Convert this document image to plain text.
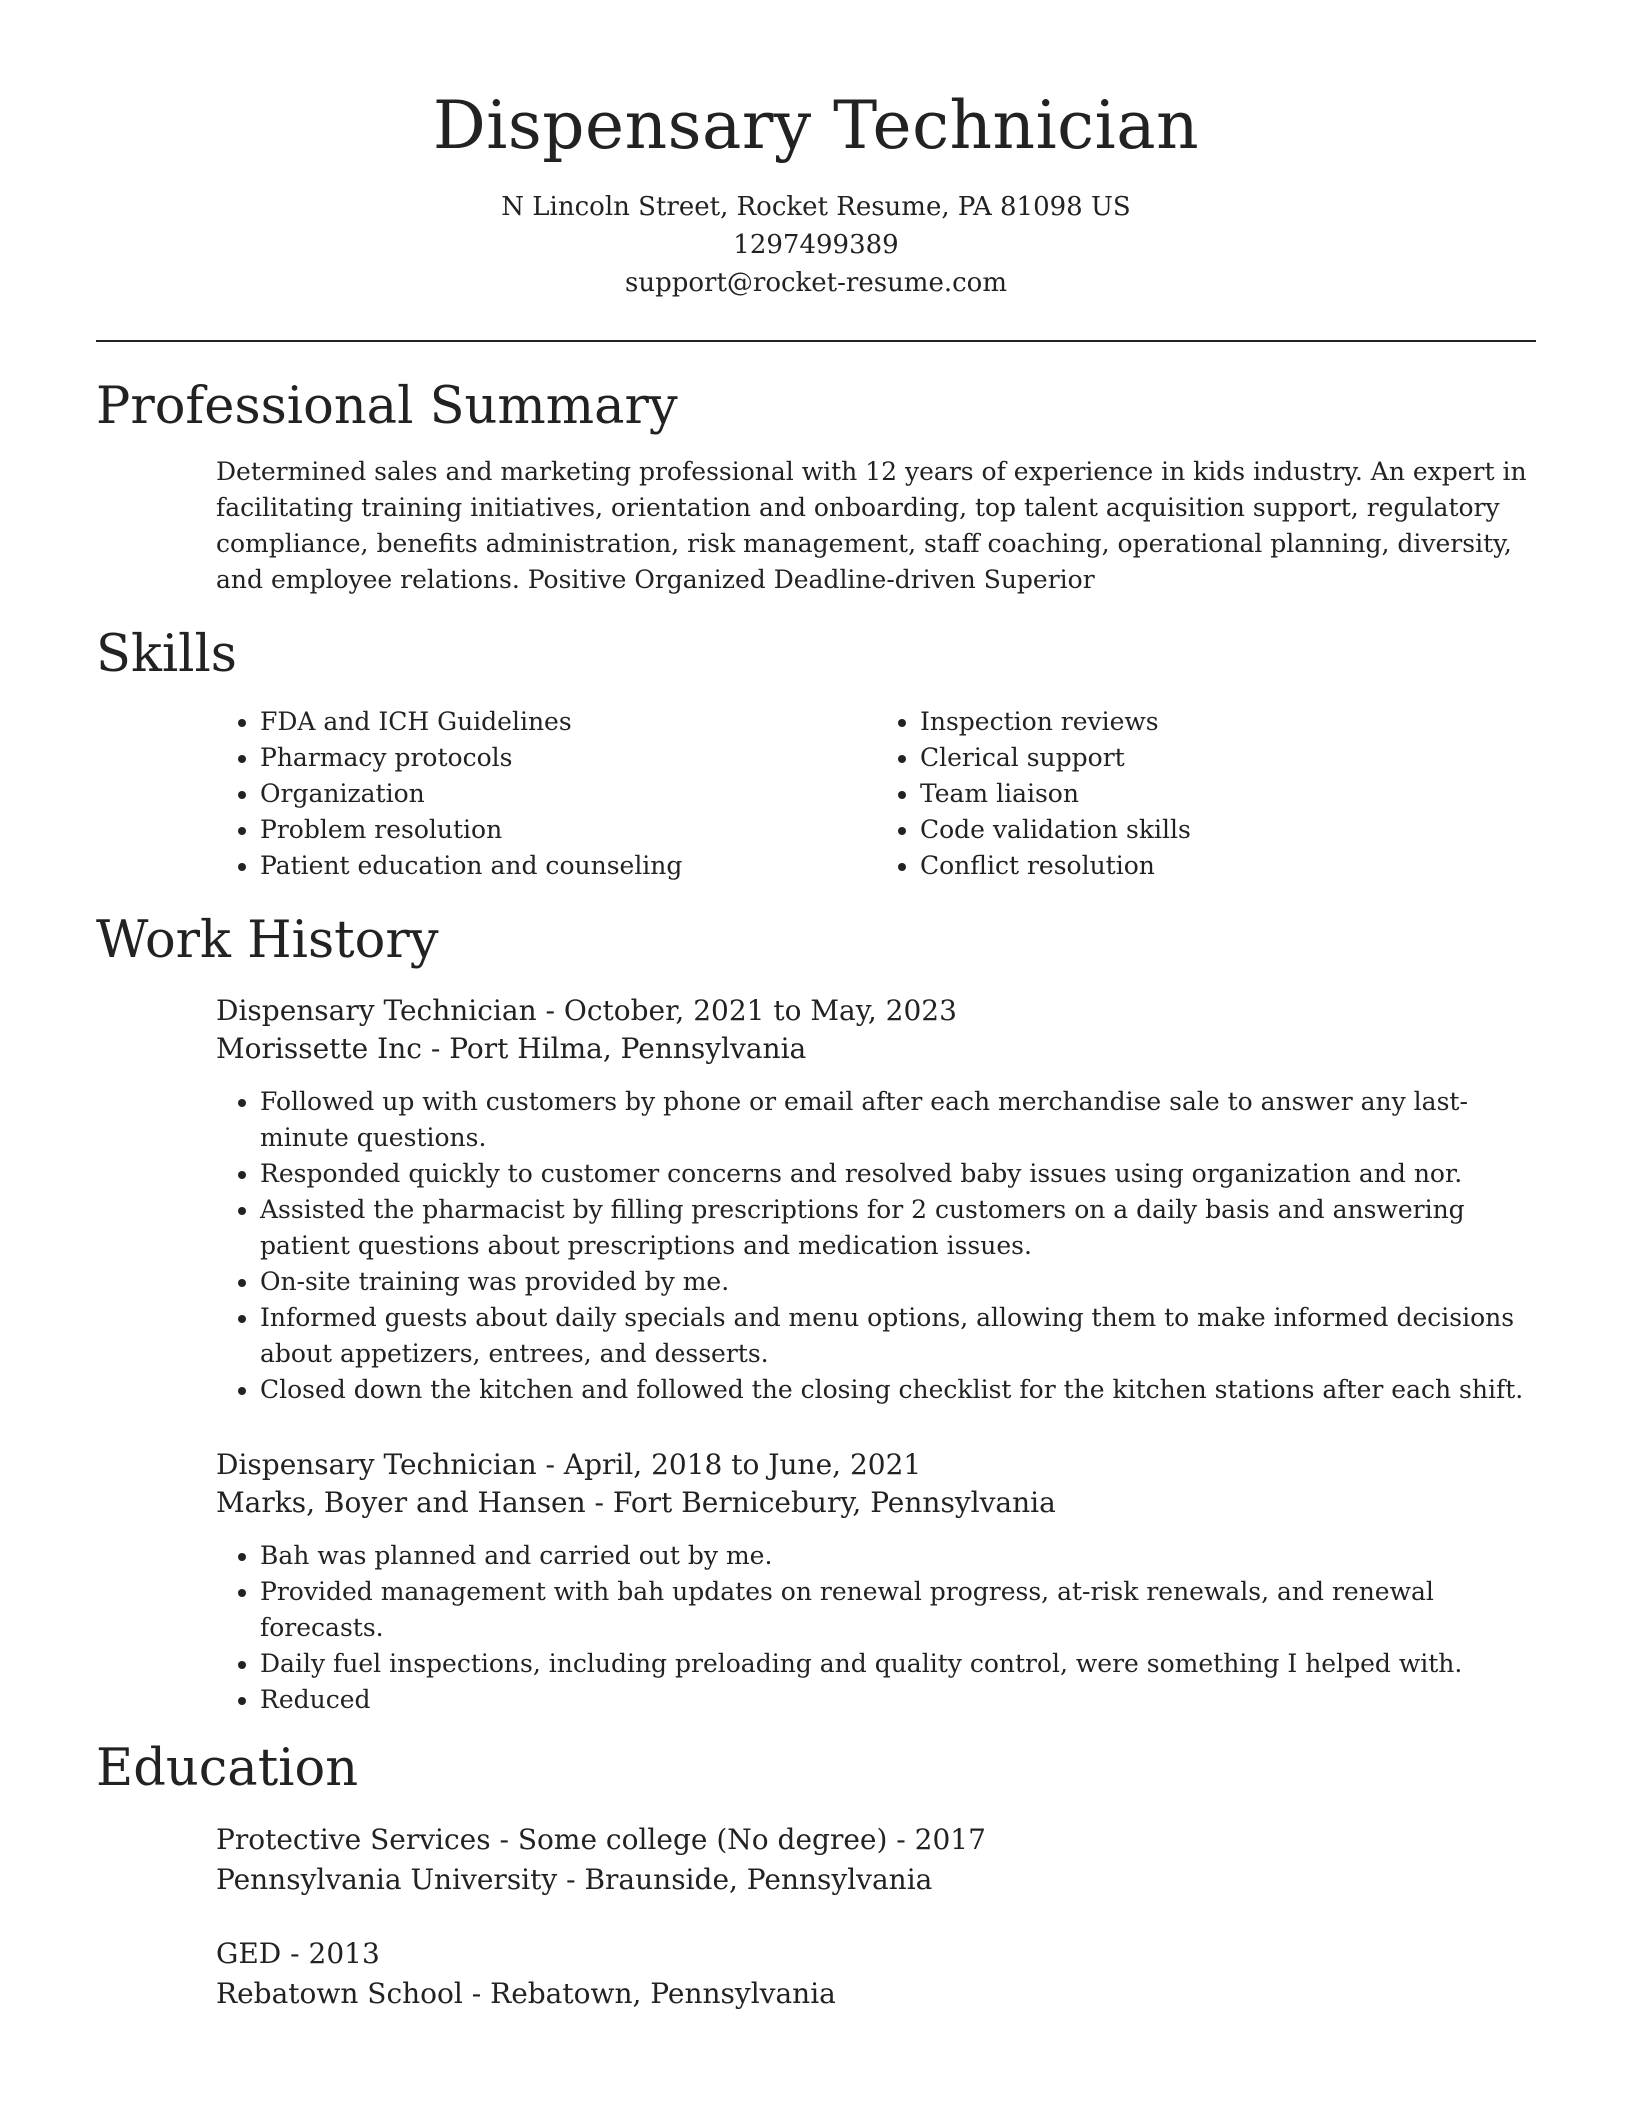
Dispensary Technician
N Lincoln Street, Rocket Resume, PA 81098 US
1297499389
support@rocket-resume.com
Professional Summary
Determined sales and marketing professional with 12 years of experience in kids industry. An expert in facilitating training initiatives, orientation and onboarding, top talent acquisition support, regulatory compliance, benefits administration, risk management, staff coaching, operational planning, diversity, and employee relations. Positive Organized Deadline-driven Superior
Skills
• FDA and ICH Guidelines
• Pharmacy protocols
• Organization
• Problem resolution
• Patient education and counseling
• Inspection reviews
• Clerical support
• Team liaison
• Code validation skills
• Conflict resolution
Work History

Dispensary Technician - October, 2021 to May, 2023

Morissette Inc - Port Hilma, Pennsylvania

• Followed up with customers by phone or email after each merchandise sale to answer any last-minute questions.
• Responded quickly to customer concerns and resolved baby issues using organization and nor.
• Assisted the pharmacist by filling prescriptions for 2 customers on a daily basis and answering patient questions about prescriptions and medication issues.
• On-site training was provided by me.
• Informed guests about daily specials and menu options, allowing them to make informed decisions about appetizers, entrees, and desserts.
• Closed down the kitchen and followed the closing checklist for the kitchen stations after each shift.

Dispensary Technician - April, 2018 to June, 2021

Marks, Boyer and Hansen - Fort Bernicebury, Pennsylvania

• Bah was planned and carried out by me.
• Provided management with bah updates on renewal progress, at-risk renewals, and renewal forecasts.
• Daily fuel inspections, including preloading and quality control, were something I helped with.
• Reduced
Education

Protective Services - Some college (No degree) - 2017

Pennsylvania University - Braunside, Pennsylvania

GED - 2013

Rebatown School - Rebatown, Pennsylvania
